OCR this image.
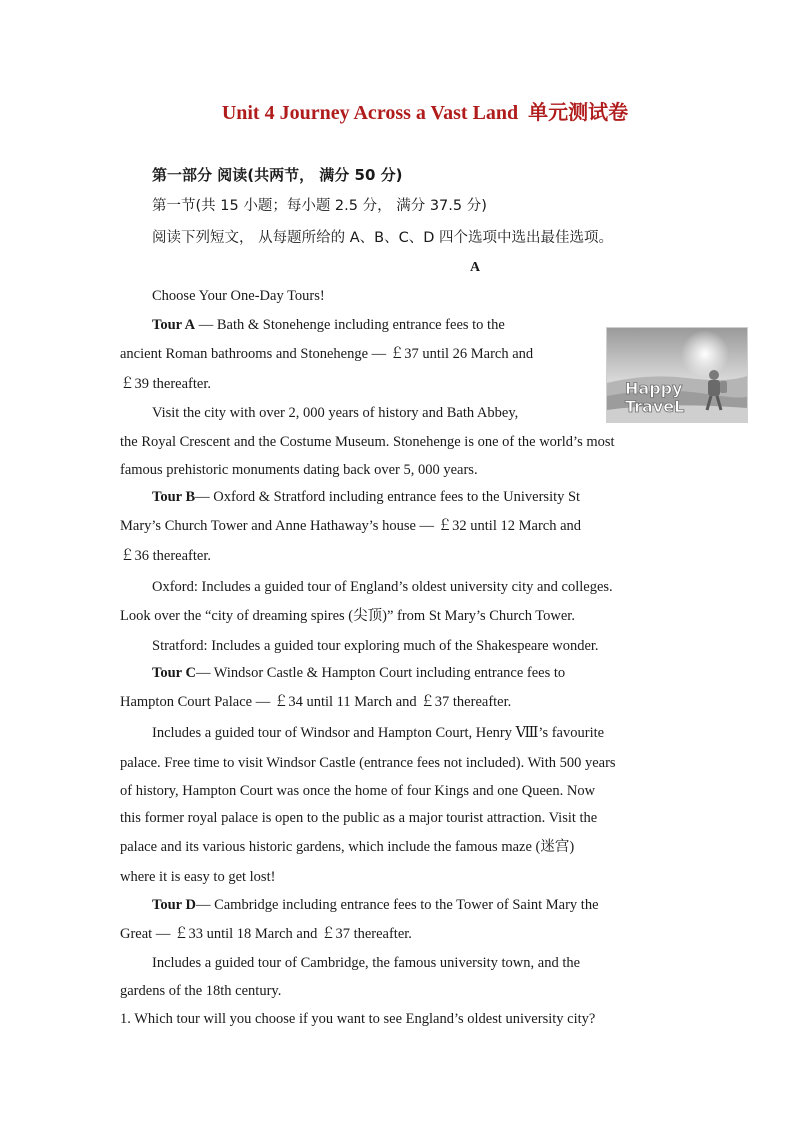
Unit 4 Journey Across a Vast Land 单元测试卷
第一部分 阅读(共两节， 满分 50 分)
第一节(共 15 小题；每小题 2.5 分， 满分 37.5 分)
阅读下列短文， 从每题所给的 A、B、C、D 四个选项中选出最佳选项。
A
Choose Your One-Day Tours!
Tour A — Bath & Stonehenge including entrance fees to the
ancient Roman bathrooms and Stonehenge — ￡37 until 26 March and
￡39 thereafter.
Visit the city with over 2, 000 years of history and Bath Abbey,
the Royal Crescent and the Costume Museum. Stonehenge is one of the world’s most
famous prehistoric monuments dating back over 5, 000 years.
Tour B— Oxford & Stratford including entrance fees to the University St
Mary’s Church Tower and Anne Hathaway’s house — ￡32 until 12 March and
￡36 thereafter.
Oxford: Includes a guided tour of England’s oldest university city and colleges.
Look over the “city of dreaming spires (尖顶)” from St Mary’s Church Tower.
Stratford: Includes a guided tour exploring much of the Shakespeare wonder.
Tour C— Windsor Castle & Hampton Court including entrance fees to
Hampton Court Palace — ￡34 until 11 March and ￡37 thereafter.
Includes a guided tour of Windsor and Hampton Court, Henry Ⅷ’s favourite
palace. Free time to visit Windsor Castle (entrance fees not included). With 500 years
of history, Hampton Court was once the home of four Kings and one Queen. Now
this former royal palace is open to the public as a major tourist attraction. Visit the
palace and its various historic gardens, which include the famous maze (迷宫)
where it is easy to get lost!
Tour D— Cambridge including entrance fees to the Tower of Saint Mary the
Great — ￡33 until 18 March and ￡37 thereafter.
Includes a guided tour of Cambridge, the famous university town, and the
gardens of the 18th century.
1. Which tour will you choose if you want to see England’s oldest university city?
Happy
TraveL
